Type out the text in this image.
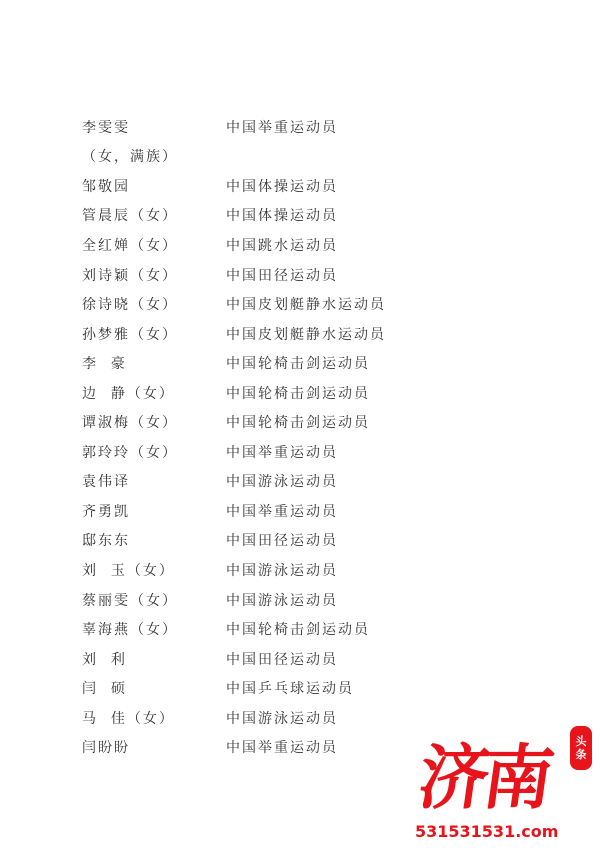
李雯雯	中国举重运动员
（女，满族）
邹敬园	中国体操运动员
管晨辰（女）	中国体操运动员
全红婵（女）	中国跳水运动员
刘诗颖（女）	中国田径运动员
徐诗晓（女）	中国皮划艇静水运动员
孙梦雅（女）	中国皮划艇静水运动员
李  豪	中国轮椅击剑运动员
边  静（女）	中国轮椅击剑运动员
谭淑梅（女）	中国轮椅击剑运动员
郭玲玲（女）	中国举重运动员
袁伟译	中国游泳运动员
齐勇凯	中国举重运动员
邸东东	中国田径运动员
刘  玉（女）	中国游泳运动员
蔡丽雯（女）	中国游泳运动员
辜海燕（女）	中国轮椅击剑运动员
刘  利	中国田径运动员
闫  硕	中国乒乓球运动员
马  佳（女）	中国游泳运动员
闫盼盼	中国举重运动员 济南 头
条
531531531.com
